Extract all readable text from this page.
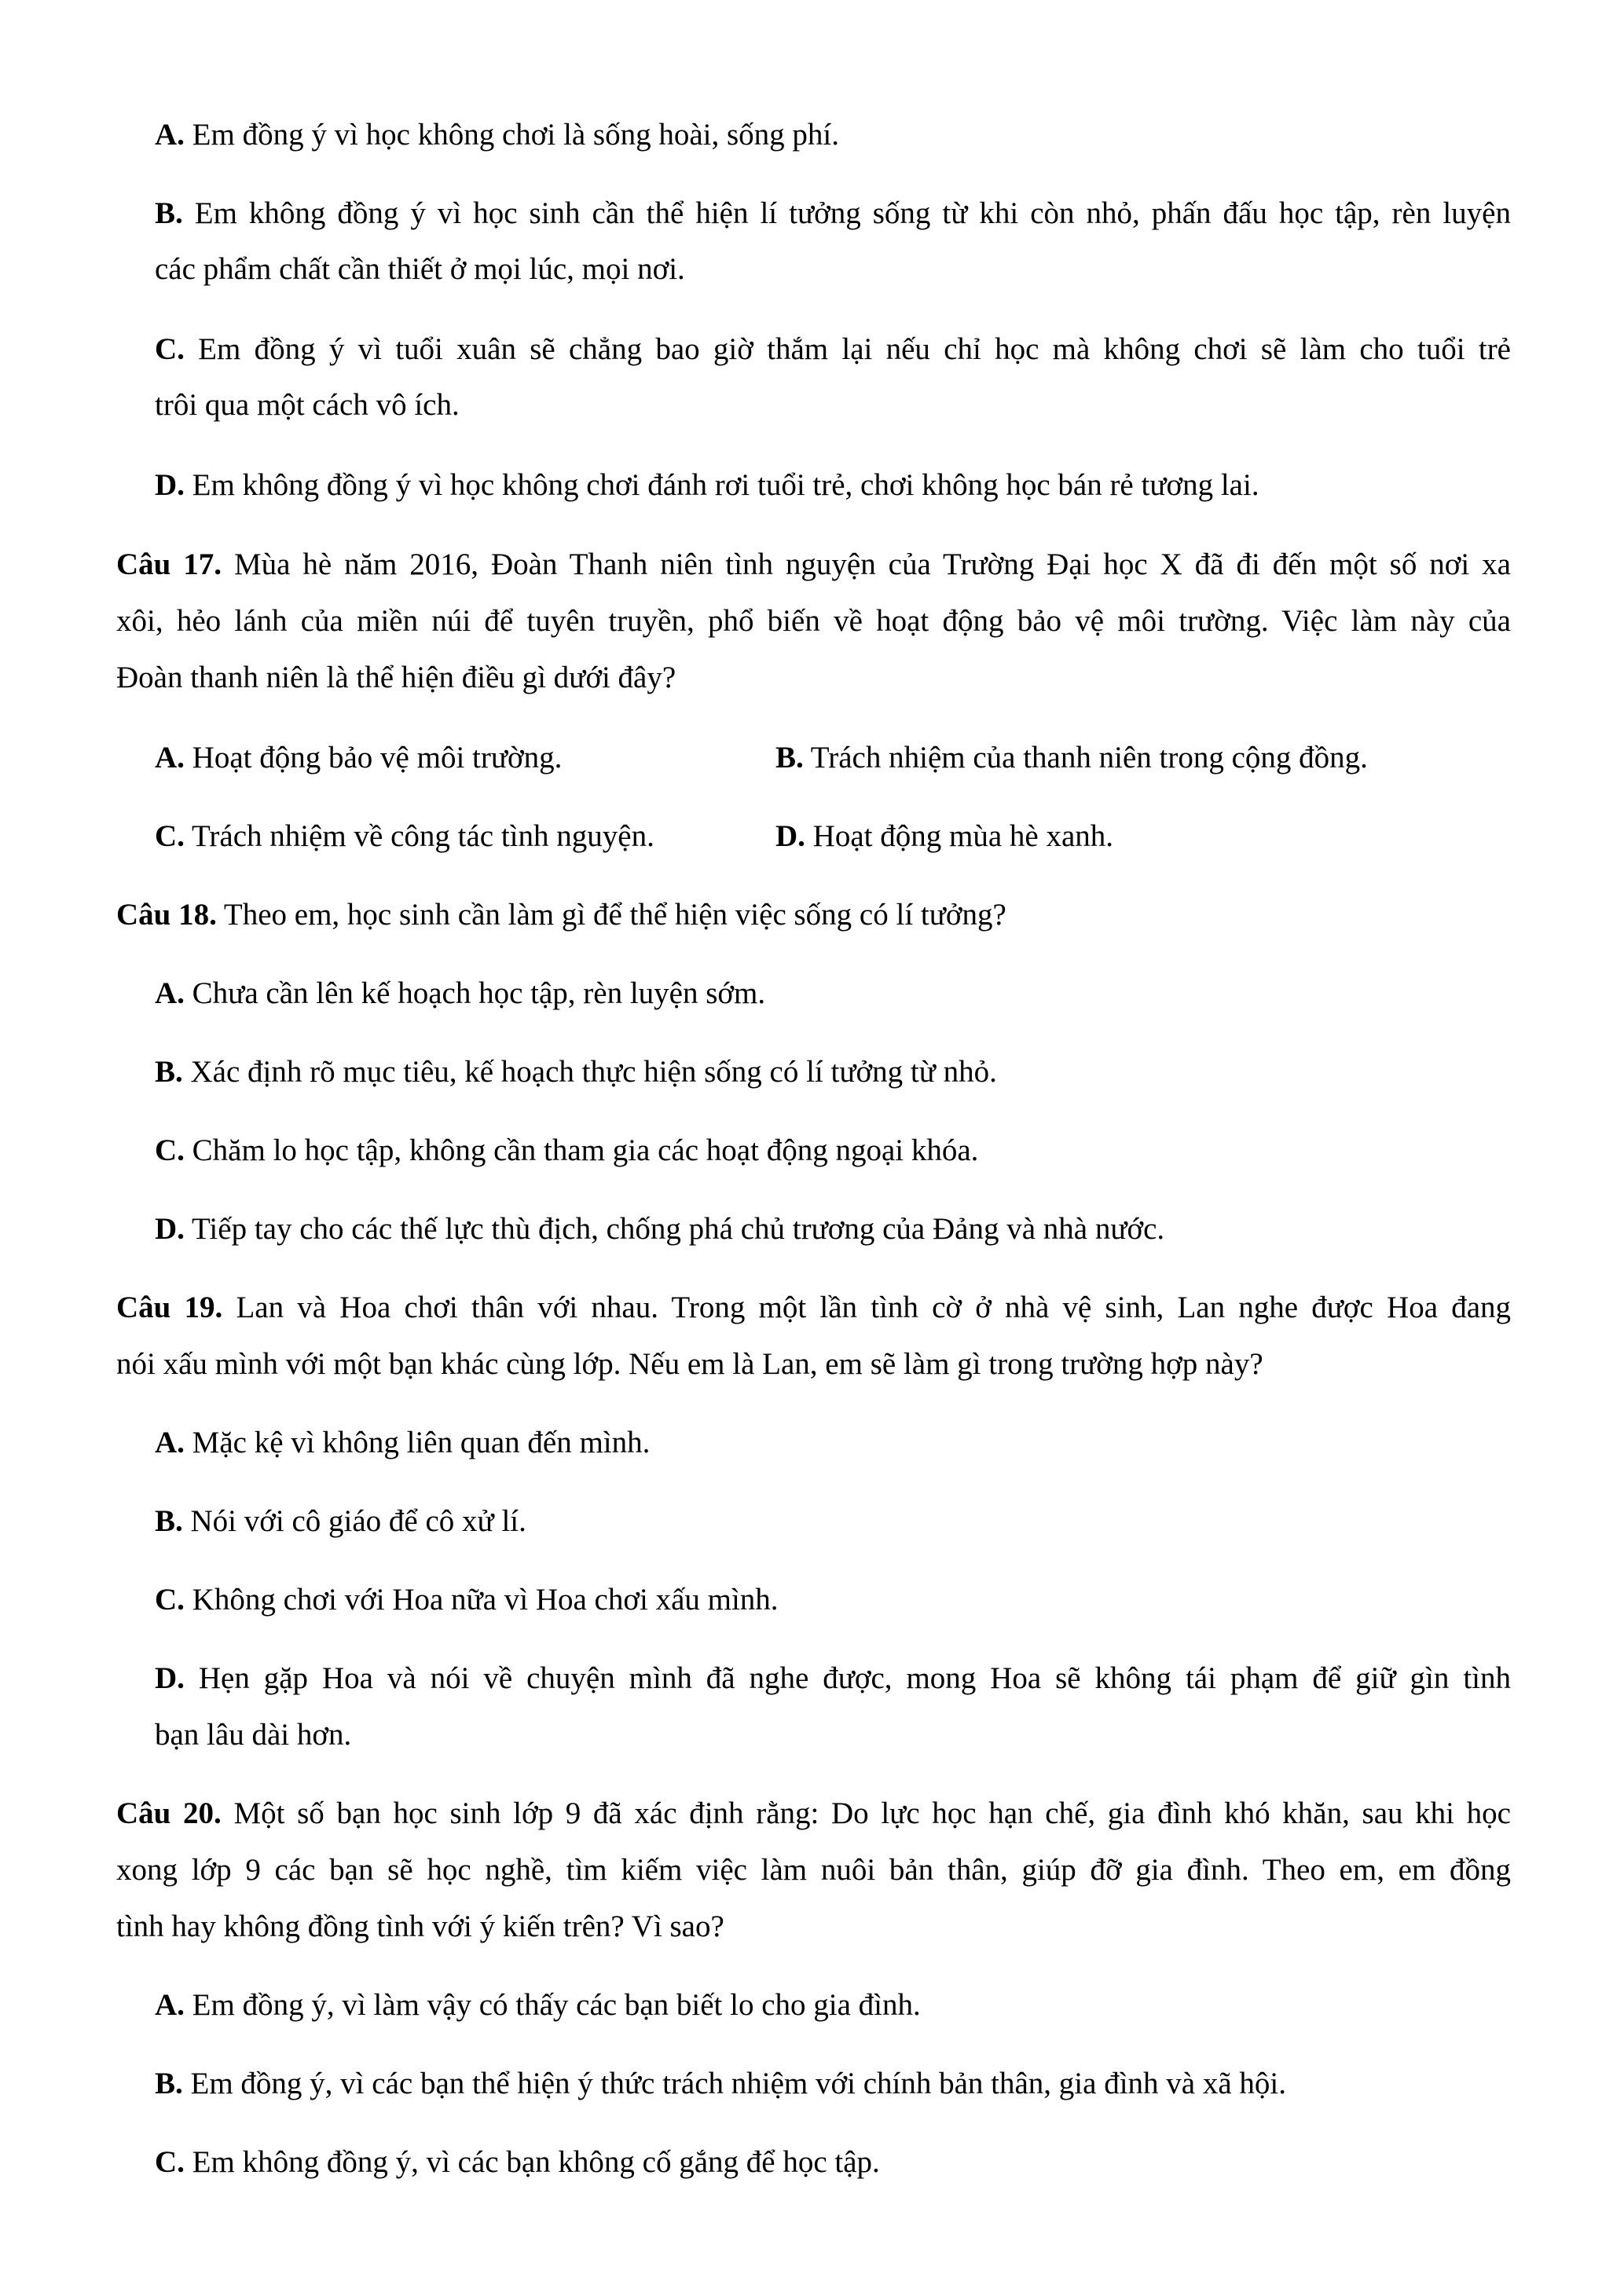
A. Em đồng ý vì học không chơi là sống hoài, sống phí.
B. Em không đồng ý vì học sinh cần thể hiện lí tưởng sống từ khi còn nhỏ, phấn đấu học tập, rèn luyện
các phẩm chất cần thiết ở mọi lúc, mọi nơi.
C. Em đồng ý vì tuổi xuân sẽ chẳng bao giờ thắm lại nếu chỉ học mà không chơi sẽ làm cho tuổi trẻ
trôi qua một cách vô ích.
D. Em không đồng ý vì học không chơi đánh rơi tuổi trẻ, chơi không học bán rẻ tương lai.
Câu 17. Mùa hè năm 2016, Đoàn Thanh niên tình nguyện của Trường Đại học X đã đi đến một số nơi xa
xôi, hẻo lánh của miền núi để tuyên truyền, phổ biến về hoạt động bảo vệ môi trường. Việc làm này của
Đoàn thanh niên là thể hiện điều gì dưới đây?
A. Hoạt động bảo vệ môi trường.	B. Trách nhiệm của thanh niên trong cộng đồng.
C. Trách nhiệm về công tác tình nguyện.	D. Hoạt động mùa hè xanh.
Câu 18. Theo em, học sinh cần làm gì để thể hiện việc sống có lí tưởng?
A. Chưa cần lên kế hoạch học tập, rèn luyện sớm.
B. Xác định rõ mục tiêu, kế hoạch thực hiện sống có lí tưởng từ nhỏ.
C. Chăm lo học tập, không cần tham gia các hoạt động ngoại khóa.
D. Tiếp tay cho các thế lực thù địch, chống phá chủ trương của Đảng và nhà nước.
Câu 19. Lan và Hoa chơi thân với nhau. Trong một lần tình cờ ở nhà vệ sinh, Lan nghe được Hoa đang
nói xấu mình với một bạn khác cùng lớp. Nếu em là Lan, em sẽ làm gì trong trường hợp này?
A. Mặc kệ vì không liên quan đến mình.
B. Nói với cô giáo để cô xử lí.
C. Không chơi với Hoa nữa vì Hoa chơi xấu mình.
D. Hẹn gặp Hoa và nói về chuyện mình đã nghe được, mong Hoa sẽ không tái phạm để giữ gìn tình
bạn lâu dài hơn.
Câu 20. Một số bạn học sinh lớp 9 đã xác định rằng: Do lực học hạn chế, gia đình khó khăn, sau khi học
xong lớp 9 các bạn sẽ học nghề, tìm kiếm việc làm nuôi bản thân, giúp đỡ gia đình. Theo em, em đồng
tình hay không đồng tình với ý kiến trên? Vì sao?
A. Em đồng ý, vì làm vậy có thấy các bạn biết lo cho gia đình.
B. Em đồng ý, vì các bạn thể hiện ý thức trách nhiệm với chính bản thân, gia đình và xã hội.
C. Em không đồng ý, vì các bạn không cố gắng để học tập.
